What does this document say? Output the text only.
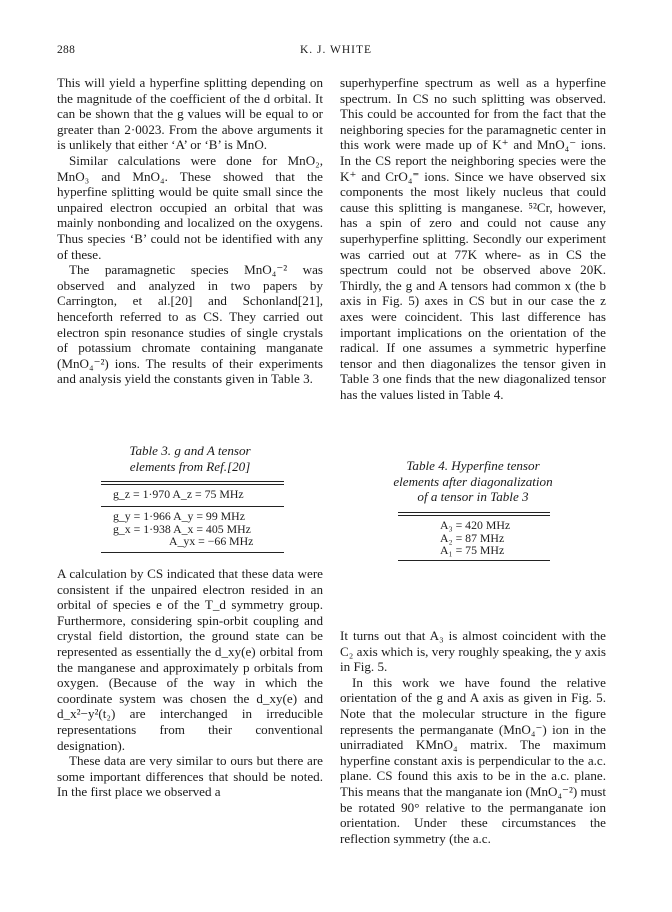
288	K. J. WHITE

This will yield a hyperfine splitting depending on the magnitude of the coefficient of the d orbital. It can be shown that the g values will be equal to or greater than 2·0023. From the above arguments it is unlikely that either ‘A’ or ‘B’ is MnO.

Similar calculations were done for MnO₂, MnO₃ and MnO₄. These showed that the hyperfine splitting would be quite small since the unpaired electron occupied an orbital that was mainly nonbonding and localized on the oxygens. Thus species ‘B’ could not be identified with any of these.

The paramagnetic species MnO₄⁻² was observed and analyzed in two papers by Carrington, et al.[20] and Schonland[21], henceforth referred to as CS. They carried out electron spin resonance studies of single crystals of potassium chromate containing manganate (MnO₄⁻²) ions. The results of their experiments and analysis yield the constants given in Table 3.

Table 3. g and A tensor elements from Ref.[20]
g_z = 1·970 A_z = 75 MHz
g_y = 1·966 A_y = 99 MHz
g_x = 1·938 A_x = 405 MHz
A_yx = −66 MHz

A calculation by CS indicated that these data were consistent if the unpaired electron resided in an orbital of species e of the T_d symmetry group. Furthermore, considering spin-orbit coupling and crystal field distortion, the ground state can be represented as essentially the d_xy(e) orbital from the manganese and approximately p orbitals from oxygen. (Because of the way in which the coordinate system was chosen the d_xy(e) and d_x²−y²(t₂) are interchanged in irreducible representations from their conventional designation).

These data are very similar to ours but there are some important differences that should be noted. In the first place we observed a

superhyperfine spectrum as well as a hyperfine spectrum. In CS no such splitting was observed. This could be accounted for from the fact that the neighboring species for the paramagnetic center in this work were made up of K⁺ and MnO₄⁻ ions. In the CS report the neighboring species were the K⁺ and CrO₄⁼ ions. Since we have observed six components the most likely nucleus that could cause this splitting is manganese. ⁵²Cr, however, has a spin of zero and could not cause any superhyperfine splitting. Secondly our experiment was carried out at 77K where- as in CS the spectrum could not be observed above 20K. Thirdly, the g and A tensors had common x (the b axis in Fig. 5) axes in CS but in our case the z axes were coincident. This last difference has important implications on the orientation of the radical. If one assumes a symmetric hyperfine tensor and then diagonalizes the tensor given in Table 3 one finds that the new diagonalized tensor has the values listed in Table 4.

Table 4. Hyperfine tensor elements after diagonalization of a tensor in Table 3
A₃ = 420 MHz
A₂ = 87 MHz
A₁ = 75 MHz

It turns out that A₃ is almost coincident with the C₂ axis which is, very roughly speaking, the y axis in Fig. 5.

In this work we have found the relative orientation of the g and A axis as given in Fig. 5. Note that the molecular structure in the figure represents the permanganate (MnO₄⁻) ion in the unirradiated KMnO₄ matrix. The maximum hyperfine constant axis is perpendicular to the a.c. plane. CS found this axis to be in the a.c. plane. This means that the manganate ion (MnO₄⁻²) must be rotated 90° relative to the permanganate ion orientation. Under these circumstances the reflection symmetry (the a.c.
